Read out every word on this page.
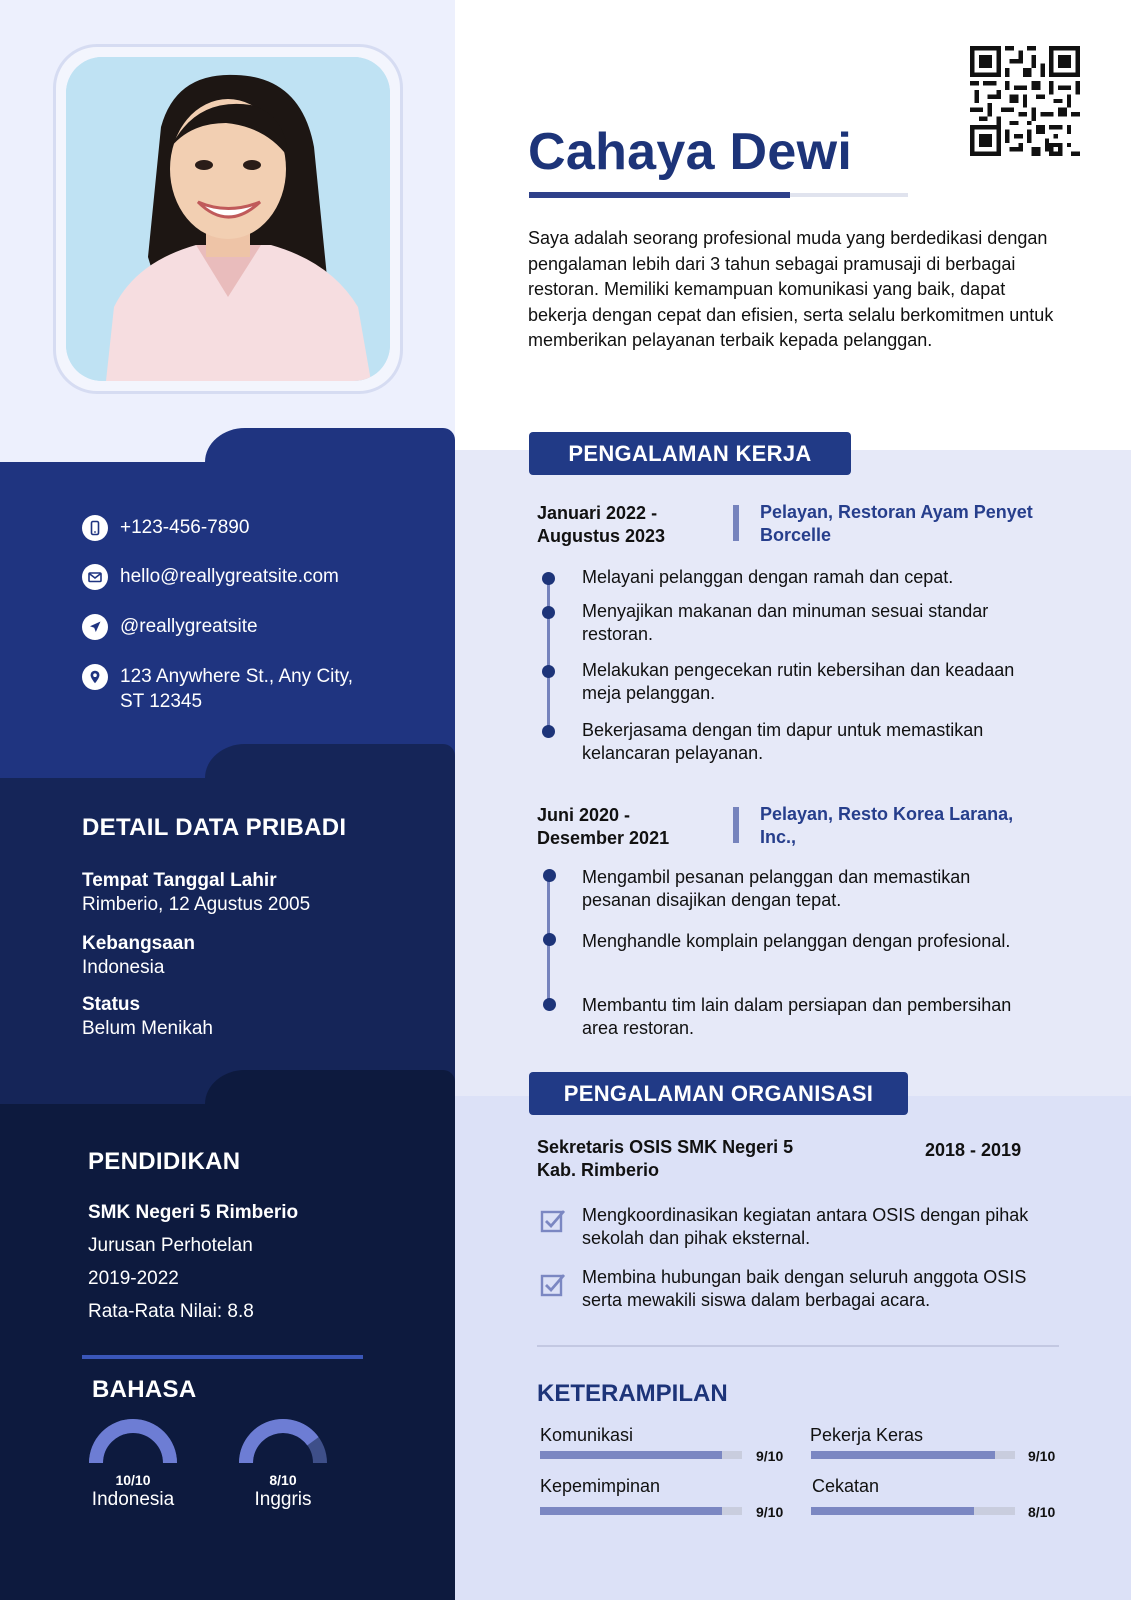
+123-456-7890
hello@reallygreatsite.com
@reallygreatsite
123 Anywhere St., Any City,
ST 12345
DETAIL DATA PRIBADI
Tempat Tanggal Lahir
Rimberio, 12 Agustus 2005
Kebangsaan
Indonesia
Status
Belum Menikah
PENDIDIKAN
SMK Negeri 5 Rimberio
Jurusan Perhotelan
2019-2022
Rata-Rata Nilai: 8.8
BAHASA
10/10
Indonesia
8/10
Inggris
Cahaya Dewi
Saya adalah seorang profesional muda yang berdedikasi dengan pengalaman lebih dari 3 tahun sebagai pramusaji di berbagai restoran. Memiliki kemampuan komunikasi yang baik, dapat bekerja dengan cepat dan efisien, serta selalu berkomitmen untuk memberikan pelayanan terbaik kepada pelanggan.
PENGALAMAN KERJA
Januari 2022 - Augustus 2023
Pelayan, Restoran Ayam Penyet Borcelle
Melayani pelanggan dengan ramah dan cepat.
Menyajikan makanan dan minuman sesuai standar restoran.
Melakukan pengecekan rutin kebersihan dan keadaan meja pelanggan.
Bekerjasama dengan tim dapur untuk memastikan kelancaran pelayanan.
Juni 2020 - Desember 2021
Pelayan, Resto Korea Larana, Inc.,
Mengambil pesanan pelanggan dan memastikan pesanan disajikan dengan tepat.
Menghandle komplain pelanggan dengan profesional.
Membantu tim lain dalam persiapan dan pembersihan area restoran.
PENGALAMAN ORGANISASI
Sekretaris OSIS SMK Negeri 5 Kab. Rimberio
2018 - 2019
Mengkoordinasikan kegiatan antara OSIS dengan pihak sekolah dan pihak eksternal.
Membina hubungan baik dengan seluruh anggota OSIS serta mewakili siswa dalam berbagai acara.
KETERAMPILAN
Komunikasi
9/10
Pekerja Keras
9/10
Kepemimpinan
9/10
Cekatan
8/10
